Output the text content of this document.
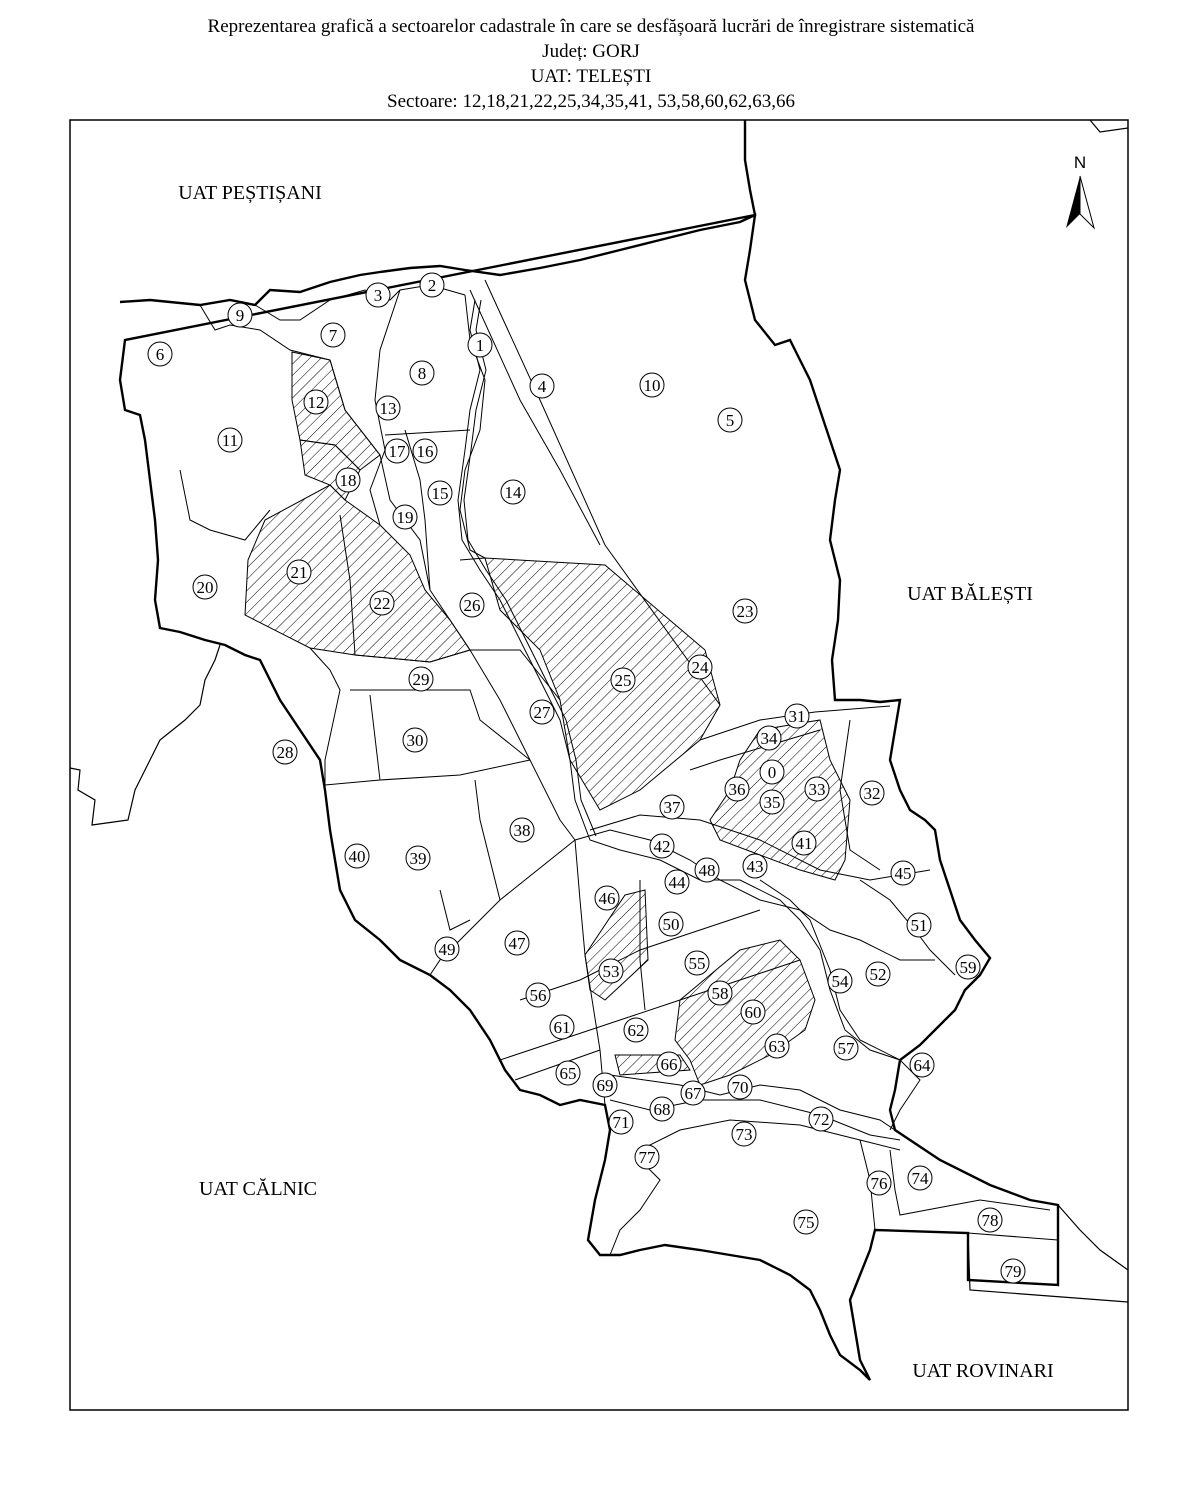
Reprezentarea grafică a sectoarelor cadastrale în care se desfășoară lucrări de înregistrare sistematică
Județ: GORJ
UAT: TELEȘTI
Sectoare: 12,18,21,22,25,34,35,41, 53,58,60,62,63,66
0
1
2
3
4
5
6
7
8
9
10
11
12	13
14
15
16
17
18
19
20
21
22	23
24
25
26
27
28
29
30
31
32
33
34
35
36
37
38
39
40
41
42
43
44	45
46
47
48
49
50	51
52
53
54
55
56
57
58
59
60
61	62
63
64
65	66
67
68
69	70
71	72
73
74
75
76
77
78
79
UAT PEȘTIȘANI
UAT BĂLEȘTI
UAT CĂLNIC
UAT ROVINARI
N
